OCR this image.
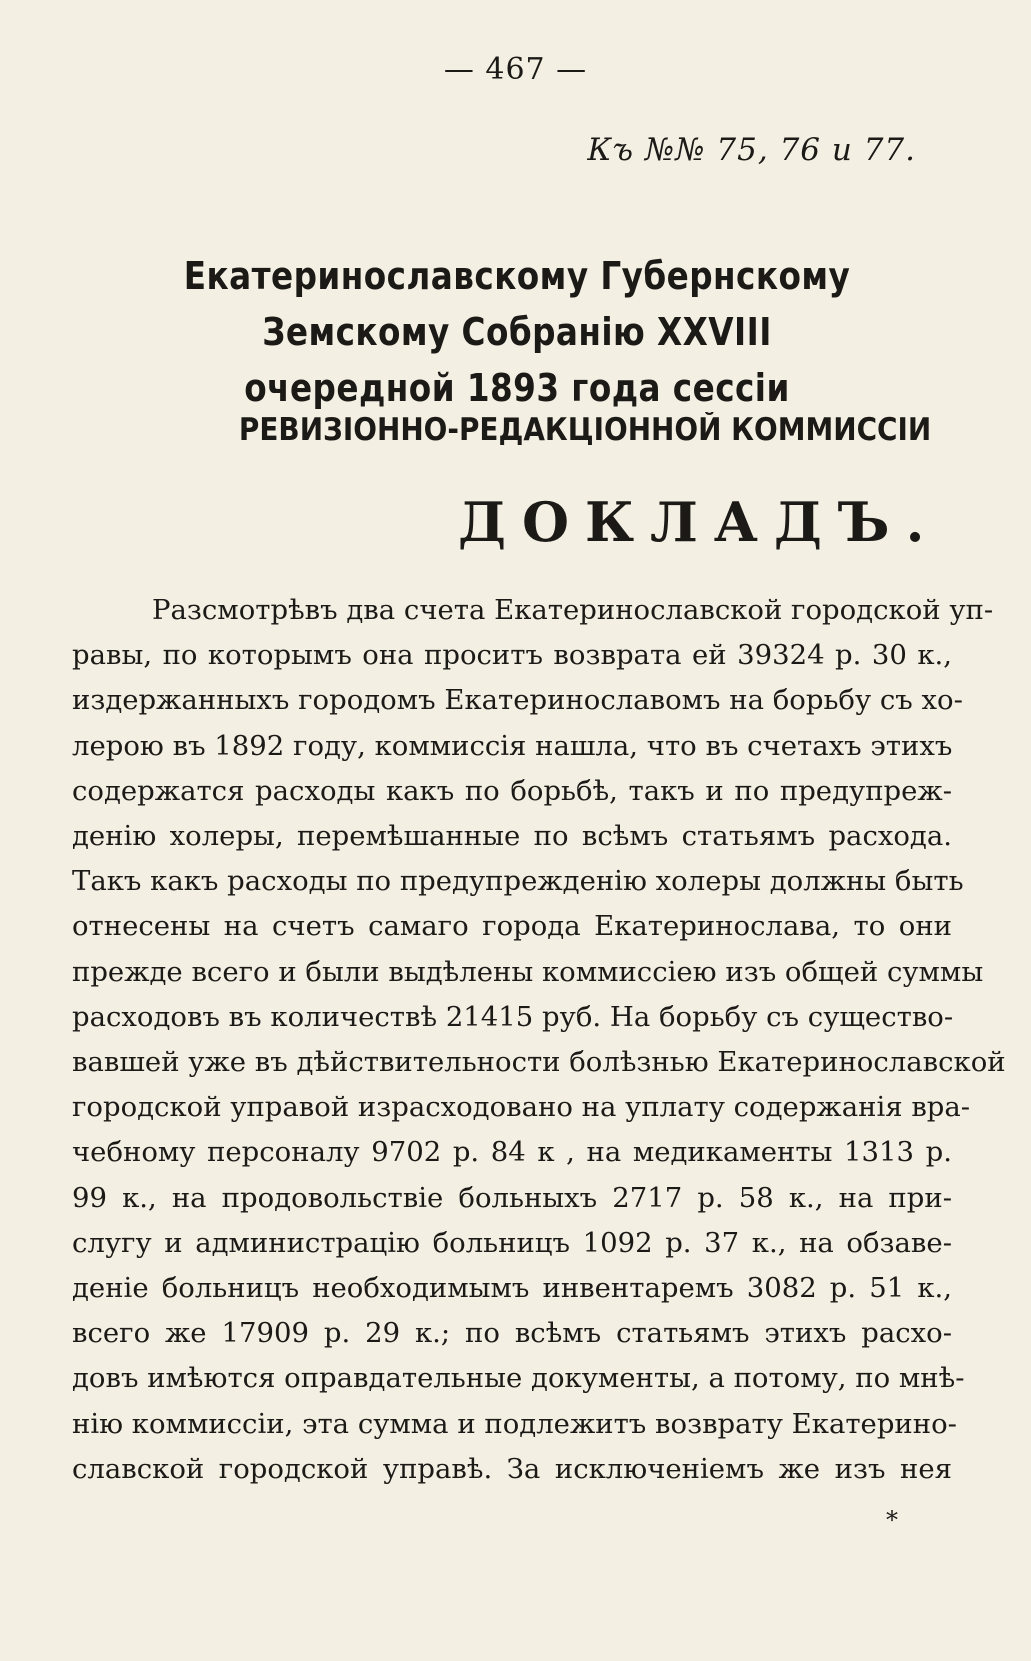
— 467 —
Къ №№ 75, 76 и 77.
Екатеринославскому Губернскому Земскому Собранію XXVIII
очередной 1893 года сессіи
РЕВИЗІОННО-РЕДАКЦІОННОЙ КОММИССІИ
ДОКЛАДЪ.
Разсмотрѣвъ два счета Екатеринославской городской уп-
равы, по которымъ она проситъ возврата ей 39324 р. 30 к.,
издержанныхъ городомъ Екатеринославомъ на борьбу съ хо-
лерою въ 1892 году, коммиссія нашла, что въ счетахъ этихъ
содержатся расходы какъ по борьбѣ, такъ и по предупреж-
денію холеры, перемѣшанные по всѣмъ статьямъ расхода.
Такъ какъ расходы по предупрежденію холеры должны быть
отнесены на счетъ самаго города Екатеринослава, то они
прежде всего и были выдѣлены коммиссіею изъ общей суммы
расходовъ въ количествѣ 21415 руб. На борьбу съ существо-
вавшей уже въ дѣйствительности болѣзнью Екатеринославской
городской управой израсходовано на уплату содержанія вра-
чебному персоналу 9702 р. 84 к , на медикаменты 1313 р.
99 к., на продовольствіе больныхъ 2717 р. 58 к., на при-
слугу и администрацію больницъ 1092 р. 37 к., на обзаве-
деніе больницъ необходимымъ инвентаремъ 3082 р. 51 к.,
всего же 17909 р. 29 к.; по всѣмъ статьямъ этихъ расхо-
довъ имѣются оправдательные документы, а потому, по мнѣ-
нію коммиссіи, эта сумма и подлежитъ возврату Екатерино-
славской городской управѣ. За исключеніемъ же изъ нея
*
